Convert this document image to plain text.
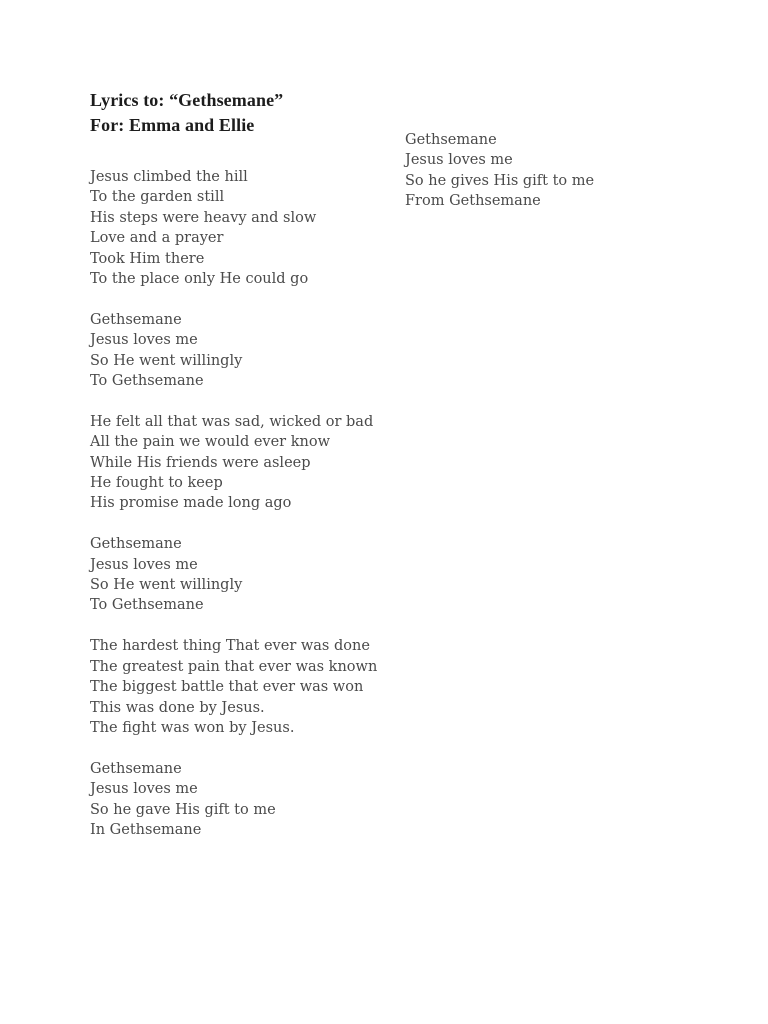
Lyrics to: “Gethsemane”
For: Emma and Ellie
Jesus climbed the hill
To the garden still
His steps were heavy and slow
Love and a prayer
Took Him there
To the place only He could go
Gethsemane
Jesus loves me
So He went willingly
To Gethsemane
He felt all that was sad, wicked or bad
All the pain we would ever know
While His friends were asleep
He fought to keep
His promise made long ago
Gethsemane
Jesus loves me
So He went willingly
To Gethsemane
The hardest thing That ever was done
The greatest pain that ever was known
The biggest battle that ever was won
This was done by Jesus.
The fight was won by Jesus.
Gethsemane
Jesus loves me
So he gave His gift to me
In Gethsemane
Gethsemane
Jesus loves me
So he gives His gift to me
From Gethsemane
